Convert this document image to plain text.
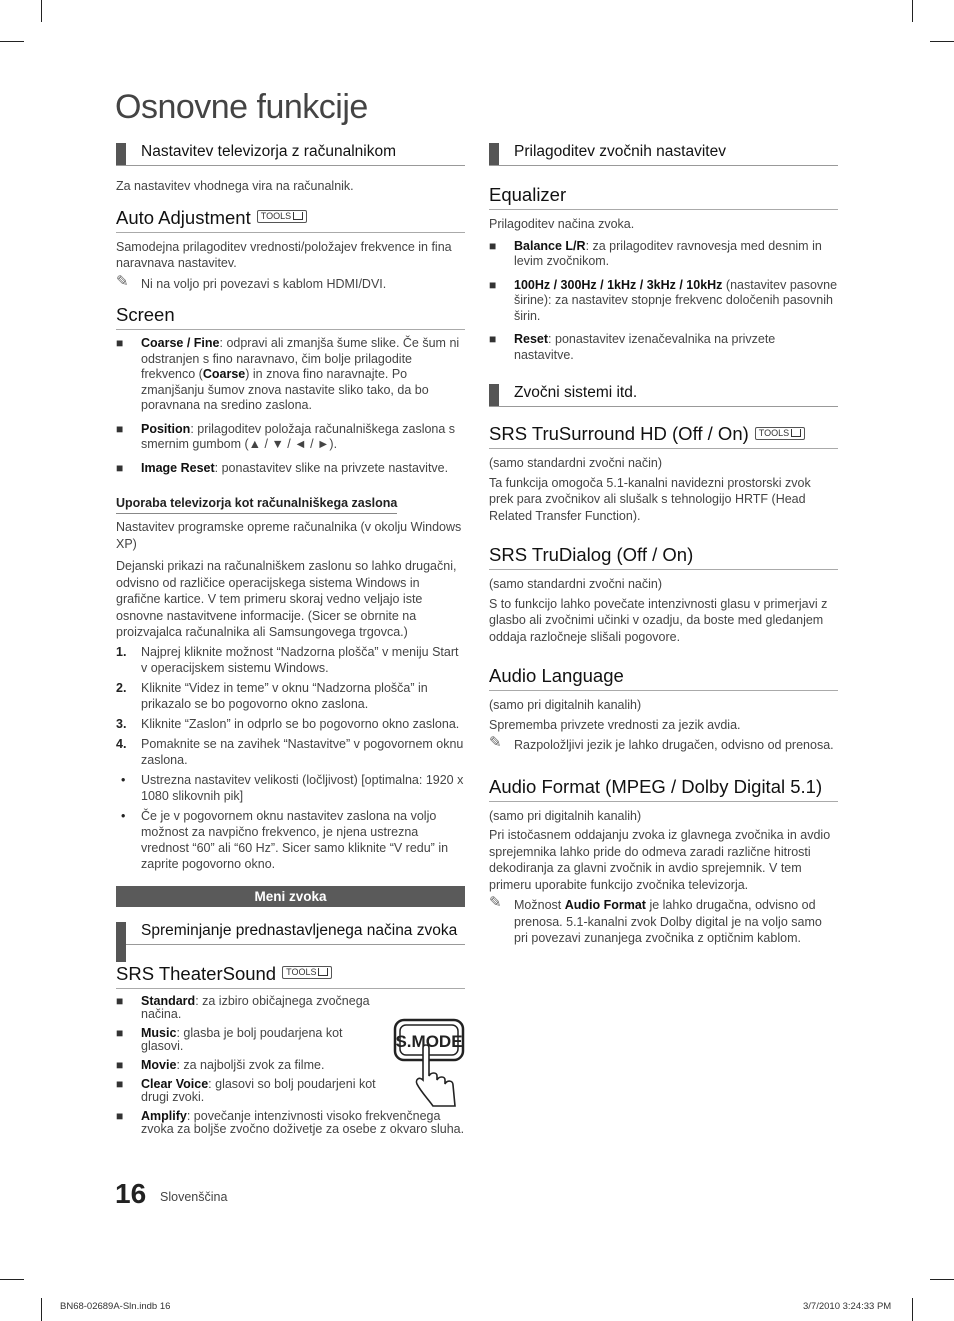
Osnovne funkcije
Nastavitev televizorja z računalnikom
Za nastavitev vhodnega vira na računalnik.
Auto Adjustment TOOLS
Samodejna prilagoditev vrednosti/položajev frekvence in fina naravnava nastavitev.
✎ Ni na voljo pri povezavi s kablom HDMI/DVI.
Screen
■ Coarse / Fine: odpravi ali zmanjša šume slike. Če šum ni odstranjen s fino naravnavo, čim bolje prilagodite frekvenco (Coarse) in znova fino naravnajte. Po zmanjšanju šumov znova nastavite sliko tako, da bo poravnana na sredino zaslona.
■ Position: prilagoditev položaja računalniškega zaslona s smernim gumbom (▲ / ▼ / ◄ / ►).
■ Image Reset: ponastavitev slike na privzete nastavitve.
Uporaba televizorja kot računalniškega zaslona
Nastavitev programske opreme računalnika (v okolju Windows XP)
Dejanski prikazi na računalniškem zaslonu so lahko drugačni, odvisno od različice operacijskega sistema Windows in grafične kartice. V tem primeru skoraj vedno veljajo iste osnovne nastavitvene informacije. (Sicer se obrnite na proizvajalca računalnika ali Samsungovega trgovca.)
1. Najprej kliknite možnost “Nadzorna plošča” v meniju Start v operacijskem sistemu Windows.
2. Kliknite “Videz in teme” v oknu “Nadzorna plošča” in prikazalo se bo pogovorno okno zaslona.
3. Kliknite “Zaslon” in odprlo se bo pogovorno okno zaslona.
4. Pomaknite se na zavihek “Nastavitve” v pogovornem oknu zaslona.
• Ustrezna nastavitev velikosti (ločljivost) [optimalna: 1920 x 1080 slikovnih pik]
• Če je v pogovornem oknu nastavitev zaslona na voljo možnost za navpično frekvenco, je njena ustrezna vrednost “60” ali “60 Hz”. Sicer samo kliknite “V redu” in zaprite pogovorno okno.
Meni zvoka
Spreminjanje prednastavljenega načina zvoka
SRS TheaterSound TOOLS
■ Standard: za izbiro običajnega zvočnega načina.
■ Music: glasba je bolj poudarjena kot glasovi.
■ Movie: za najboljši zvok za filme.
■ Clear Voice: glasovi so bolj poudarjeni kot drugi zvoki.
■ Amplify: povečanje intenzivnosti visoko frekvenčnega zvoka za boljše zvočno doživetje za osebe z okvaro sluha.
S.MODE
Prilagoditev zvočnih nastavitev
Equalizer
Prilagoditev načina zvoka.
■ Balance L/R: za prilagoditev ravnovesja med desnim in levim zvočnikom.
■ 100Hz / 300Hz / 1kHz / 3kHz / 10kHz (nastavitev pasovne širine): za nastavitev stopnje frekvenc določenih pasovnih širin.
■ Reset: ponastavitev izenačevalnika na privzete nastavitve.
Zvočni sistemi itd.
SRS TruSurround HD (Off / On) TOOLS
(samo standardni zvočni način)
Ta funkcija omogoča 5.1-kanalni navidezni prostorski zvok prek para zvočnikov ali slušalk s tehnologijo HRTF (Head Related Transfer Function).
SRS TruDialog (Off / On)
(samo standardni zvočni način)
S to funkcijo lahko povečate intenzivnosti glasu v primerjavi z glasbo ali zvočnimi učinki v ozadju, da boste med gledanjem oddaja razločneje slišali pogovore.
Audio Language
(samo pri digitalnih kanalih)
Sprememba privzete vrednosti za jezik avdia.
✎ Razpoložljivi jezik je lahko drugačen, odvisno od prenosa.
Audio Format (MPEG / Dolby Digital 5.1)
(samo pri digitalnih kanalih)
Pri istočasnem oddajanju zvoka iz glavnega zvočnika in avdio sprejemnika lahko pride do odmeva zaradi različne hitrosti dekodiranja za glavni zvočnik in avdio sprejemnik. V tem primeru uporabite funkcijo zvočnika televizorja.
✎ Možnost Audio Format je lahko drugačna, odvisno od prenosa. 5.1-kanalni zvok Dolby digital je na voljo samo pri povezavi zunanjega zvočnika z optičnim kablom.
16 Slovenščina
BN68-02689A-Sln.indb 16	3/7/2010 3:24:33 PM
